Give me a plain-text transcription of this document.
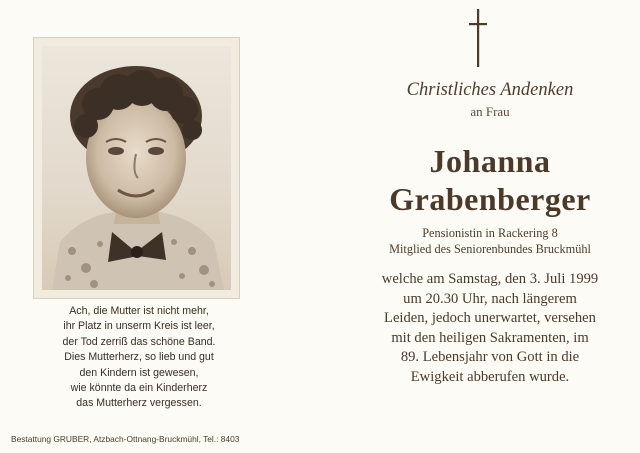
Ach, die Mutter ist nicht mehr,
ihr Platz in unserm Kreis ist leer,
der Tod zerriß das schöne Band.
Dies Mutterherz, so lieb und gut
den Kindern ist gewesen,
wie könnte da ein Kinderherz
das Mutterherz vergessen.
Bestattung GRUBER, Atzbach-Ottnang-Bruckmühl, Tel.: 8403
Christliches Andenken
an Frau
Johanna
Grabenberger
Pensionistin in Rackering 8
Mitglied des Seniorenbundes Bruckmühl
welche am Samstag, den 3. Juli 1999
um 20.30 Uhr, nach längerem
Leiden, jedoch unerwartet, versehen
mit den heiligen Sakramenten, im
89. Lebensjahr von Gott in die
Ewigkeit abberufen wurde.
